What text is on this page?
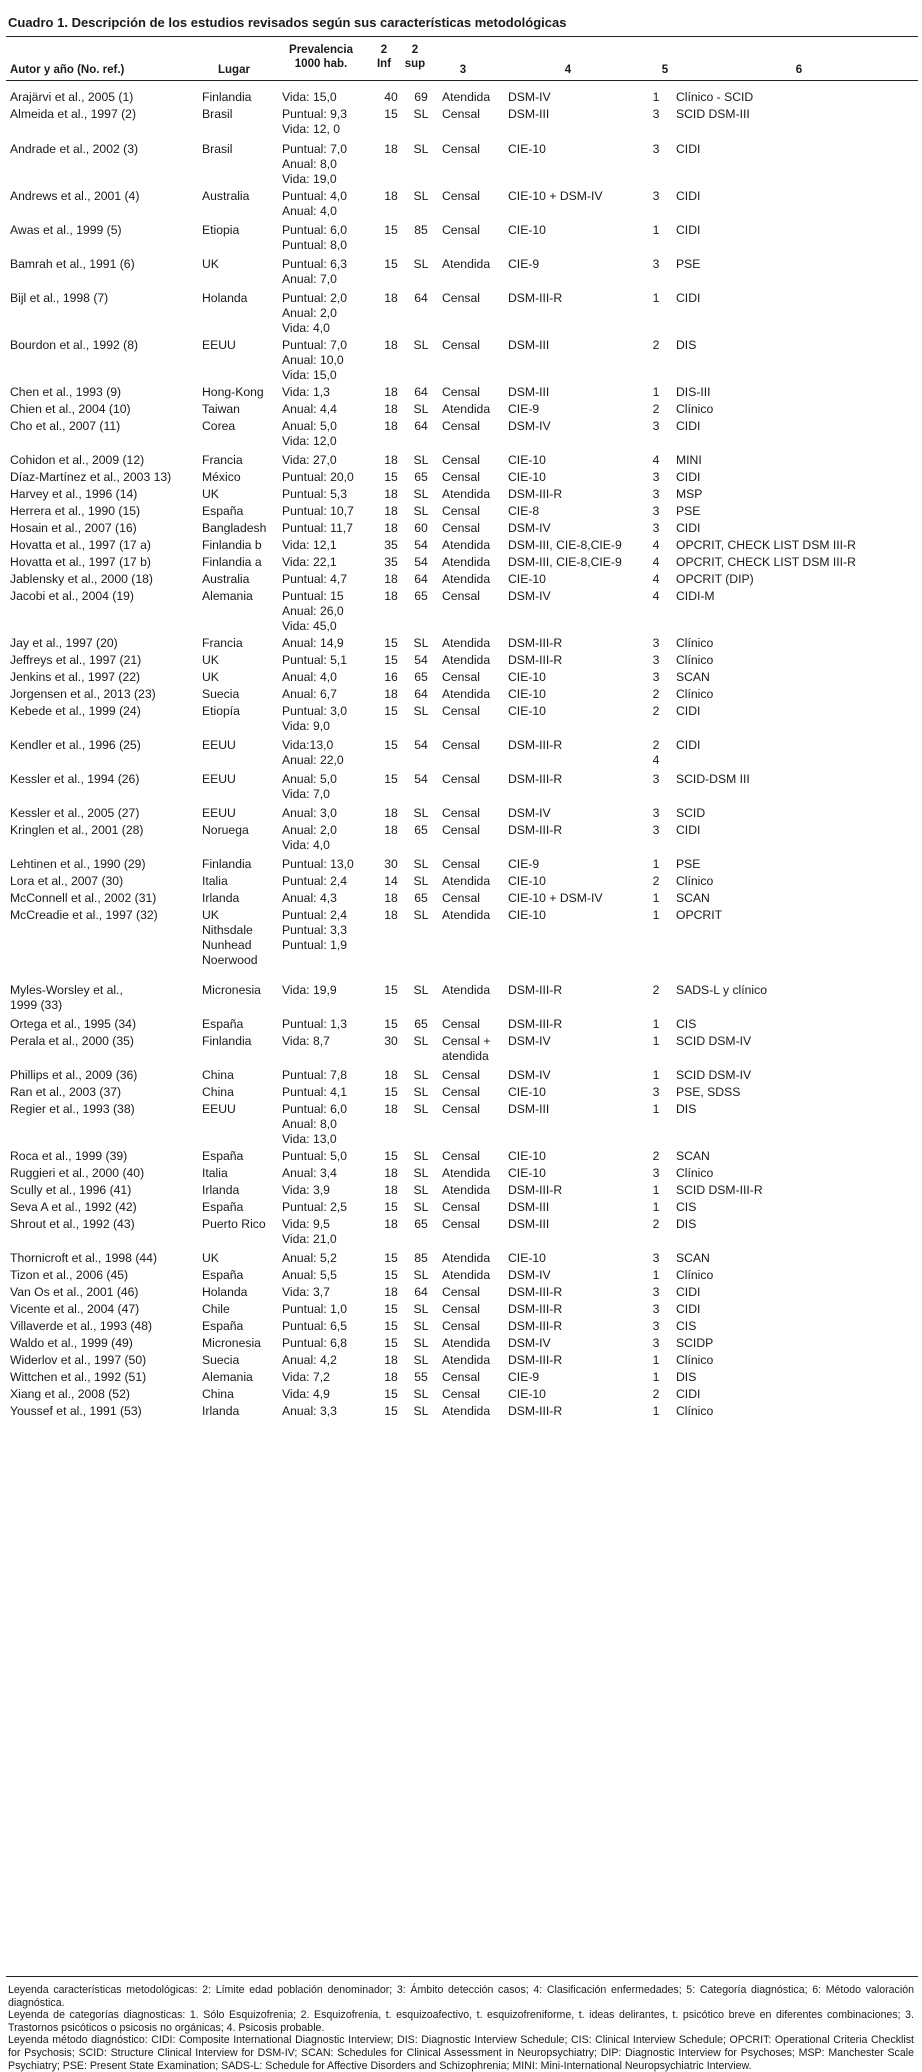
Cuadro 1. Descripción de los estudios revisados según sus características metodológicas
Autor y año (No. ref.)	Lugar
Prevalencia
1000 hab.
2
Inf
2
sup	3	4	5	6
Arajärvi et al., 2005 (1)	Finlandia	Vida: 15,0	40	69	Atendida	DSM-IV	1	Clínico - SCID

Almeida et al., 1997 (2)	Brasil	Puntual: 9,3
Vida: 12, 0	15	SL	Censal	DSM-III	3	SCID DSM-III

Andrade et al., 2002 (3)	Brasil	Puntual: 7,0
Anual: 8,0
Vida: 19,0	18	SL	Censal	CIE-10	3	CIDI

Andrews et al., 2001 (4)	Australia	Puntual: 4,0
Anual: 4,0	18	SL	Censal	CIE-10 + DSM-IV	3	CIDI

Awas et al., 1999 (5)	Etiopia	Puntual: 6,0
Puntual: 8,0	15	85	Censal	CIE-10	1	CIDI

Bamrah et al., 1991 (6)	UK	Puntual: 6,3
Anual: 7,0	15	SL	Atendida	CIE-9	3	PSE

Bijl et al., 1998 (7)	Holanda	Puntual: 2,0
Anual: 2,0
Vida: 4,0	18	64	Censal	DSM-III-R	1	CIDI

Bourdon et al., 1992 (8)	EEUU	Puntual: 7,0
Anual: 10,0
Vida: 15,0	18	SL	Censal	DSM-III	2	DIS

Chen et al., 1993 (9)	Hong-Kong	Vida: 1,3	18	64	Censal	DSM-III	1	DIS-III

Chien et al., 2004 (10)	Taiwan	Anual: 4,4	18	SL	Atendida	CIE-9	2	Clínico

Cho et al., 2007 (11)	Corea	Anual: 5,0
Vida: 12,0	18	64	Censal	DSM-IV	3	CIDI

Cohidon et al., 2009 (12)	Francia	Vida: 27,0	18	SL	Censal	CIE-10	4	MINI

Díaz-Martínez et al., 2003 13)	México	Puntual: 20,0	15	65	Censal	CIE-10	3	CIDI

Harvey et al., 1996 (14)	UK	Puntual: 5,3	18	SL	Atendida	DSM-III-R	3	MSP

Herrera et al., 1990 (15)	España	Puntual: 10,7	18	SL	Censal	CIE-8	3	PSE

Hosain et al., 2007 (16)	Bangladesh	Puntual: 11,7	18	60	Censal	DSM-IV	3	CIDI

Hovatta et al., 1997 (17 a)	Finlandia b	Vida: 12,1	35	54	Atendida	DSM-III, CIE-8,CIE-9	4	OPCRIT, CHECK LIST DSM III-R

Hovatta et al., 1997 (17 b)	Finlandia a	Vida: 22,1	35	54	Atendida	DSM-III, CIE-8,CIE-9	4	OPCRIT, CHECK LIST DSM III-R

Jablensky et al., 2000 (18)	Australia	Puntual: 4,7	18	64	Atendida	CIE-10	4	OPCRIT (DIP)

Jacobi et al., 2004 (19)	Alemania	Puntual: 15
Anual: 26,0
Vida: 45,0	18	65	Censal	DSM-IV	4	CIDI-M

Jay et al., 1997 (20)	Francia	Anual: 14,9	15	SL	Atendida	DSM-III-R	3	Clínico

Jeffreys et al., 1997 (21)	UK	Puntual: 5,1	15	54	Atendida	DSM-III-R	3	Clínico

Jenkins et al., 1997 (22)	UK	Anual: 4,0	16	65	Censal	CIE-10	3	SCAN

Jorgensen et al., 2013 (23)	Suecia	Anual: 6,7	18	64	Atendida	CIE-10	2	Clínico

Kebede et al., 1999 (24)	Etiopía	Puntual: 3,0
Vida: 9,0	15	SL	Censal	CIE-10	2	CIDI

Kendler et al., 1996 (25)	EEUU	Vida:13,0
Anual: 22,0	15	54	Censal	DSM-III-R	2
4	CIDI

Kessler et al., 1994 (26)	EEUU	Anual: 5,0
Vida: 7,0	15	54	Censal	DSM-III-R	3	SCID-DSM III

Kessler et al., 2005 (27)	EEUU	Anual: 3,0	18	SL	Censal	DSM-IV	3	SCID

Kringlen et al., 2001 (28)	Noruega	Anual: 2,0
Vida: 4,0	18	65	Censal	DSM-III-R	3	CIDI

Lehtinen et al., 1990 (29)	Finlandia	Puntual: 13,0	30	SL	Censal	CIE-9	1	PSE

Lora et al., 2007 (30)	Italia	Puntual: 2,4	14	SL	Atendida	CIE-10	2	Clínico

McConnell et al., 2002 (31)	Irlanda	Anual: 4,3	18	65	Censal	CIE-10 + DSM-IV	1	SCAN

McCreadie et al., 1997 (32)	UK
Nithsdale
Nunhead
Noerwood	Puntual: 2,4
Puntual: 3,3
Puntual: 1,9	18	SL	Atendida	CIE-10	1	OPCRIT

Myles-Worsley et al.,
1999 (33)	Micronesia	Vida: 19,9	15	SL	Atendida	DSM-III-R	2	SADS-L y clínico

Ortega et al., 1995 (34)	España	Puntual: 1,3	15	65	Censal	DSM-III-R	1	CIS

Perala et al., 2000 (35)	Finlandia	Vida: 8,7	30	SL	Censal +
atendida	DSM-IV	1	SCID DSM-IV

Phillips et al., 2009 (36)	China	Puntual: 7,8	18	SL	Censal	DSM-IV	1	SCID DSM-IV

Ran et al., 2003 (37)	China	Puntual: 4,1	15	SL	Censal	CIE-10	3	PSE, SDSS

Regier et al., 1993 (38)	EEUU	Puntual: 6,0
Anual: 8,0
Vida: 13,0	18	SL	Censal	DSM-III	1	DIS

Roca et al., 1999 (39)	España	Puntual: 5,0	15	SL	Censal	CIE-10	2	SCAN

Ruggieri et al., 2000 (40)	Italia	Anual: 3,4	18	SL	Atendida	CIE-10	3	Clínico

Scully et al., 1996 (41)	Irlanda	Vida: 3,9	18	SL	Atendida	DSM-III-R	1	SCID DSM-III-R

Seva A et al., 1992 (42)	España	Puntual: 2,5	15	SL	Censal	DSM-III	1	CIS

Shrout et al., 1992 (43)	Puerto Rico	Vida: 9,5
Vida: 21,0	18	65	Censal	DSM-III	2	DIS

Thornicroft et al., 1998 (44)	UK	Anual: 5,2	15	85	Atendida	CIE-10	3	SCAN

Tizon et al., 2006 (45)	España	Anual: 5,5	15	SL	Atendida	DSM-IV	1	Clínico

Van Os et al., 2001 (46)	Holanda	Vida: 3,7	18	64	Censal	DSM-III-R	3	CIDI

Vicente et al., 2004 (47)	Chile	Puntual: 1,0	15	SL	Censal	DSM-III-R	3	CIDI

Villaverde et al., 1993 (48)	España	Puntual: 6,5	15	SL	Censal	DSM-III-R	3	CIS

Waldo et al., 1999 (49)	Micronesia	Puntual: 6,8	15	SL	Atendida	DSM-IV	3	SCIDP

Widerlov et al., 1997 (50)	Suecia	Anual: 4,2	18	SL	Atendida	DSM-III-R	1	Clínico

Wittchen et al., 1992 (51)	Alemania	Vida: 7,2	18	55	Censal	CIE-9	1	DIS

Xiang et al., 2008 (52)	China	Vida: 4,9	15	SL	Censal	CIE-10	2	CIDI

Youssef et al., 1991 (53)	Irlanda	Anual: 3,3	15	SL	Atendida	DSM-III-R	1	Clínico

Leyenda características metodológicas: 2: Límite edad población denominador; 3: Ámbito detección casos; 4: Clasificación enfermedades; 5: Categoría diagnóstica; 6: Método valoración diagnóstica.

Leyenda de categorías diagnosticas: 1. Sólo Esquizofrenia; 2. Esquizofrenia, t. esquizoafectivo, t. esquizofreniforme, t. ideas delirantes, t. psicótico breve en diferentes combinaciones; 3. Trastornos psicóticos o psicosis no orgánicas; 4. Psicosis probable.

Leyenda método diagnóstico: CIDI: Composite International Diagnostic Interview; DIS: Diagnostic Interview Schedule; CIS: Clinical Interview Schedule; OPCRIT: Operational Criteria Checklist for Psychosis; SCID: Structure Clinical Interview for DSM-IV; SCAN: Schedules for Clinical Assessment in Neuropsychiatry; DIP: Diagnostic Interview for Psychoses; MSP: Manchester Scale Psychiatry; PSE: Present State Examination; SADS-L: Schedule for Affective Disorders and Schizophrenia; MINI: Mini-International Neuropsychiatric Interview.
